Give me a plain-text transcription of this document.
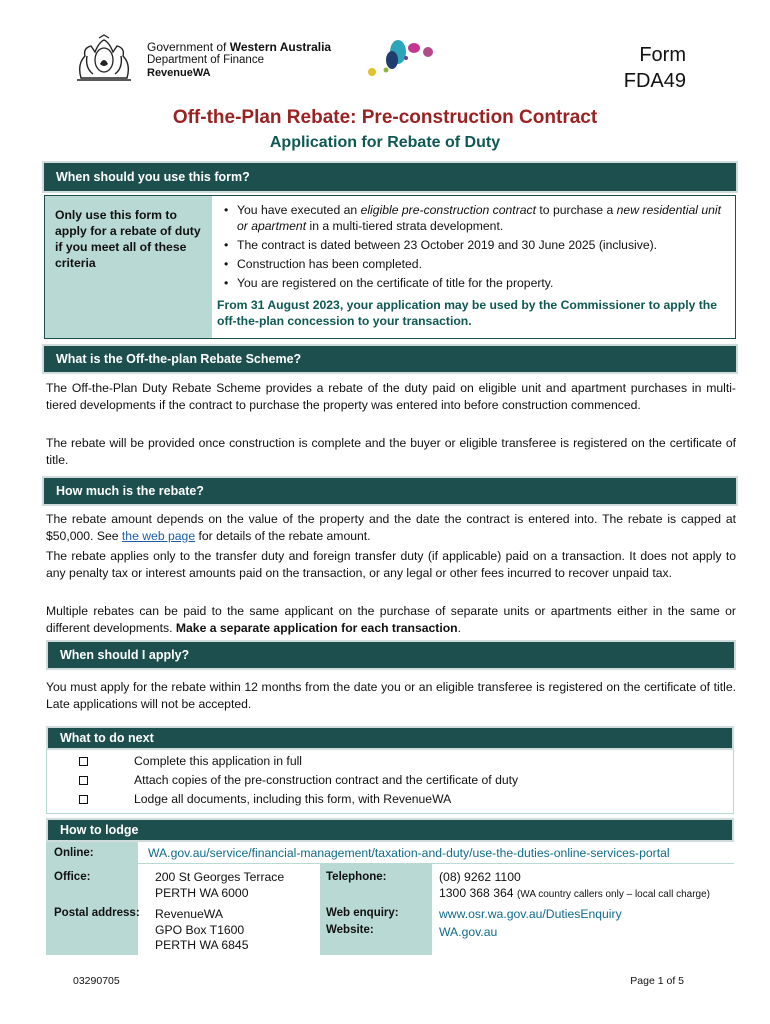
Government of Western Australia
Department of Finance
RevenueWA
Form
FDA49
Off-the-Plan Rebate: Pre-construction Contract
Application for Rebate of Duty
When should you use this form?
Only use this form to apply for a rebate of duty if you meet all of these criteria
• You have executed an eligible pre-construction contract to purchase a new residential unit or apartment in a multi-tiered strata development.
• The contract is dated between 23 October 2019 and 30 June 2025 (inclusive).
• Construction has been completed.
• You are registered on the certificate of title for the property.
From 31 August 2023, your application may be used by the Commissioner to apply the off-the-plan concession to your transaction.
What is the Off-the-plan Rebate Scheme?
The Off-the-Plan Duty Rebate Scheme provides a rebate of the duty paid on eligible unit and apartment purchases in multi-tiered developments if the contract to purchase the property was entered into before construction commenced.
The rebate will be provided once construction is complete and the buyer or eligible transferee is registered on the certificate of title.
How much is the rebate?
The rebate amount depends on the value of the property and the date the contract is entered into. The rebate is capped at $50,000. See the web page for details of the rebate amount.
The rebate applies only to the transfer duty and foreign transfer duty (if applicable) paid on a transaction. It does not apply to any penalty tax or interest amounts paid on the transaction, or any legal or other fees incurred to recover unpaid tax.
Multiple rebates can be paid to the same applicant on the purchase of separate units or apartments either in the same or different developments. Make a separate application for each transaction.
When should I apply?
You must apply for the rebate within 12 months from the date you or an eligible transferee is registered on the certificate of title. Late applications will not be accepted.
What to do next
Complete this application in full
Attach copies of the pre-construction contract and the certificate of duty
Lodge all documents, including this form, with RevenueWA
How to lodge
Online:	WA.gov.au/service/financial-management/taxation-and-duty/use-the-duties-online-services-portal
Office:	200 St Georges Terrace
PERTH WA 6000
Telephone:	(08) 9262 1100
1300 368 364 (WA country callers only – local call charge)
Postal address: RevenueWA
GPO Box T1600
PERTH WA 6845
Web enquiry:	www.osr.wa.gov.au/DutiesEnquiry
Website:	WA.gov.au
03290705	Page 1 of 5
